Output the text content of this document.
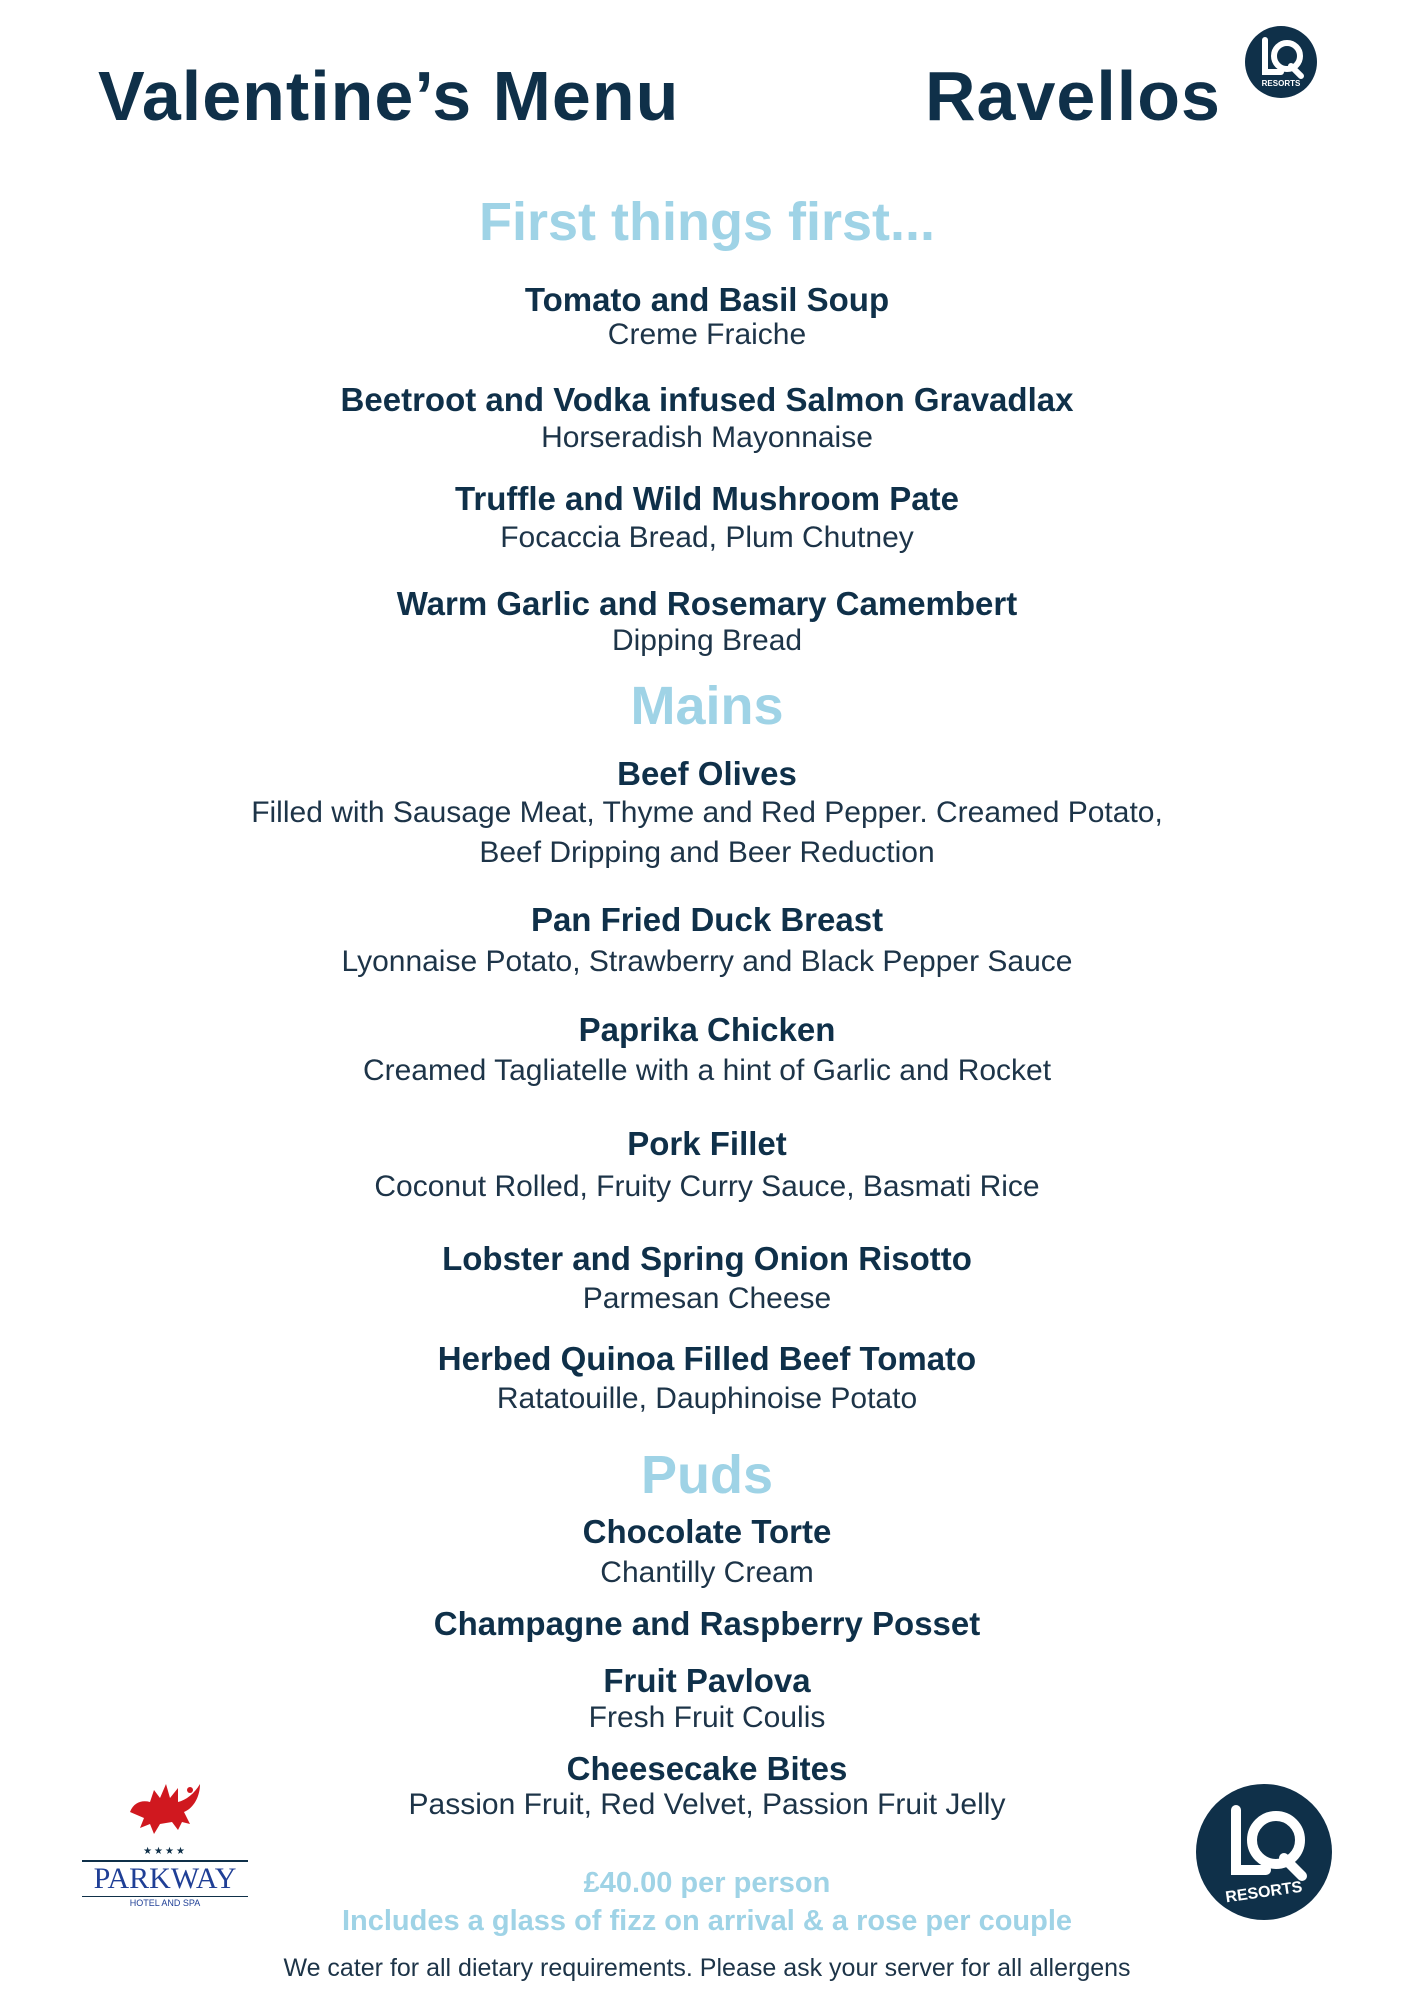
Valentine’s Menu	Ravellos	RESORTS
First things first...
Tomato and Basil Soup
Creme Fraiche
Beetroot and Vodka infused Salmon Gravadlax
Horseradish Mayonnaise
Truffle and Wild Mushroom Pate
Focaccia Bread, Plum Chutney
Warm Garlic and Rosemary Camembert
Dipping Bread
Mains
Beef Olives
Filled with Sausage Meat, Thyme and Red Pepper. Creamed Potato,
Beef Dripping and Beer Reduction
Pan Fried Duck Breast
Lyonnaise Potato, Strawberry and Black Pepper Sauce
Paprika Chicken
Creamed Tagliatelle with a hint of Garlic and Rocket
Pork Fillet
Coconut Rolled, Fruity Curry Sauce, Basmati Rice
Lobster and Spring Onion Risotto
Parmesan Cheese
Herbed Quinoa Filled Beef Tomato
Ratatouille, Dauphinoise Potato
Puds
Chocolate Torte
Chantilly Cream
Champagne and Raspberry Posset
Fruit Pavlova
Fresh Fruit Coulis
Cheesecake Bites
Passion Fruit, Red Velvet, Passion Fruit Jelly
£40.00 per person
Includes a glass of fizz on arrival & a rose per couple
We cater for all dietary requirements. Please ask your server for all allergens
★★★★
PARKWAY
HOTEL AND SPA	RESORTS
